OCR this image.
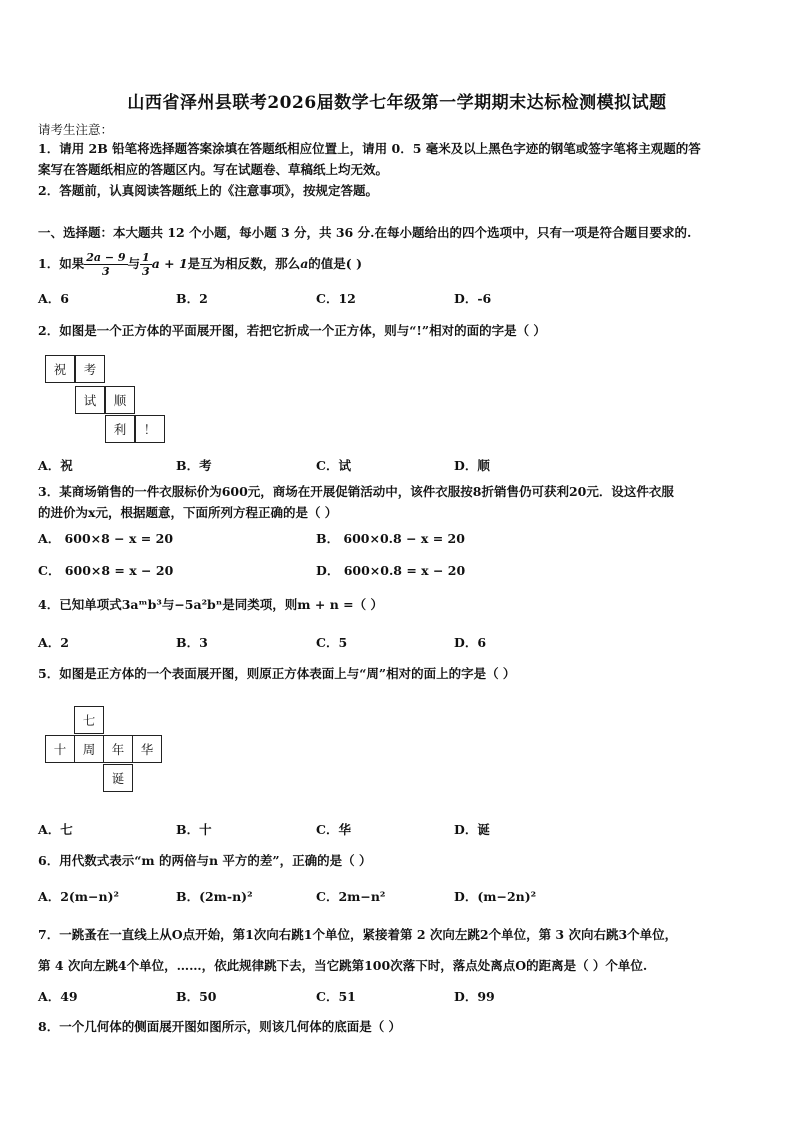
山西省泽州县联考2026届数学七年级第一学期期末达标检测模拟试题
请考生注意：
1．请用 2B 铅笔将选择题答案涂填在答题纸相应位置上，请用 0．5 毫米及以上黑色字迹的钢笔或签字笔将主观题的答
案写在答题纸相应的答题区内。写在试题卷、草稿纸上均无效。
2．答题前，认真阅读答题纸上的《注意事项》，按规定答题。
一、选择题：本大题共 12 个小题，每小题 3 分，共 36 分.在每小题给出的四个选项中，只有一项是符合题目要求的.
1．如果 $\frac{2a - 9}{3}$ 与 $\frac{1}{3}$ a + 1 是互为相反数，那么 a 的值是( )
A．6	B．2	C．12	D．-6
2．如图是一个正方体的平面展开图，若把它折成一个正方体，则与“!”相对的面的字是（ ）
祝	考
试	顺
利	！
A．祝	B．考	C．试	D．顺
3．某商场销售的一件衣服标价为600元，商场在开展促销活动中，该件衣服按8折销售仍可获利20元．设这件衣服
的进价为x元，根据题意，下面所列方程正确的是（ ）
A． 600×8 − x = 20	B． 600×0.8 − x = 20
C． 600×8 = x − 20	D． 600×0.8 = x − 20
4．已知单项式3aᵐb³与−5a²bⁿ是同类项，则m + n =（ ）
A．2	B．3	C．5	D．6
5．如图是正方体的一个表面展开图，则原正方体表面上与“周”相对的面上的字是（ ）
七
十	周	年	华
诞
A．七	B．十	C．华	D．诞
6．用代数式表示“m 的两倍与n 平方的差”，正确的是（ ）
A．2(m−n)²	B．(2m-n)²	C．2m−n²	D．(m−2n)²
7．一跳蚤在一直线上从O点开始，第1次向右跳1个单位，紧接着第 2 次向左跳2个单位，第 3 次向右跳3个单位，
第 4 次向左跳4个单位，……，依此规律跳下去，当它跳第100次落下时，落点处离点O的距离是（ ）个单位.
A．49	B．50	C．51	D．99
8．一个几何体的侧面展开图如图所示，则该几何体的底面是（ ）
